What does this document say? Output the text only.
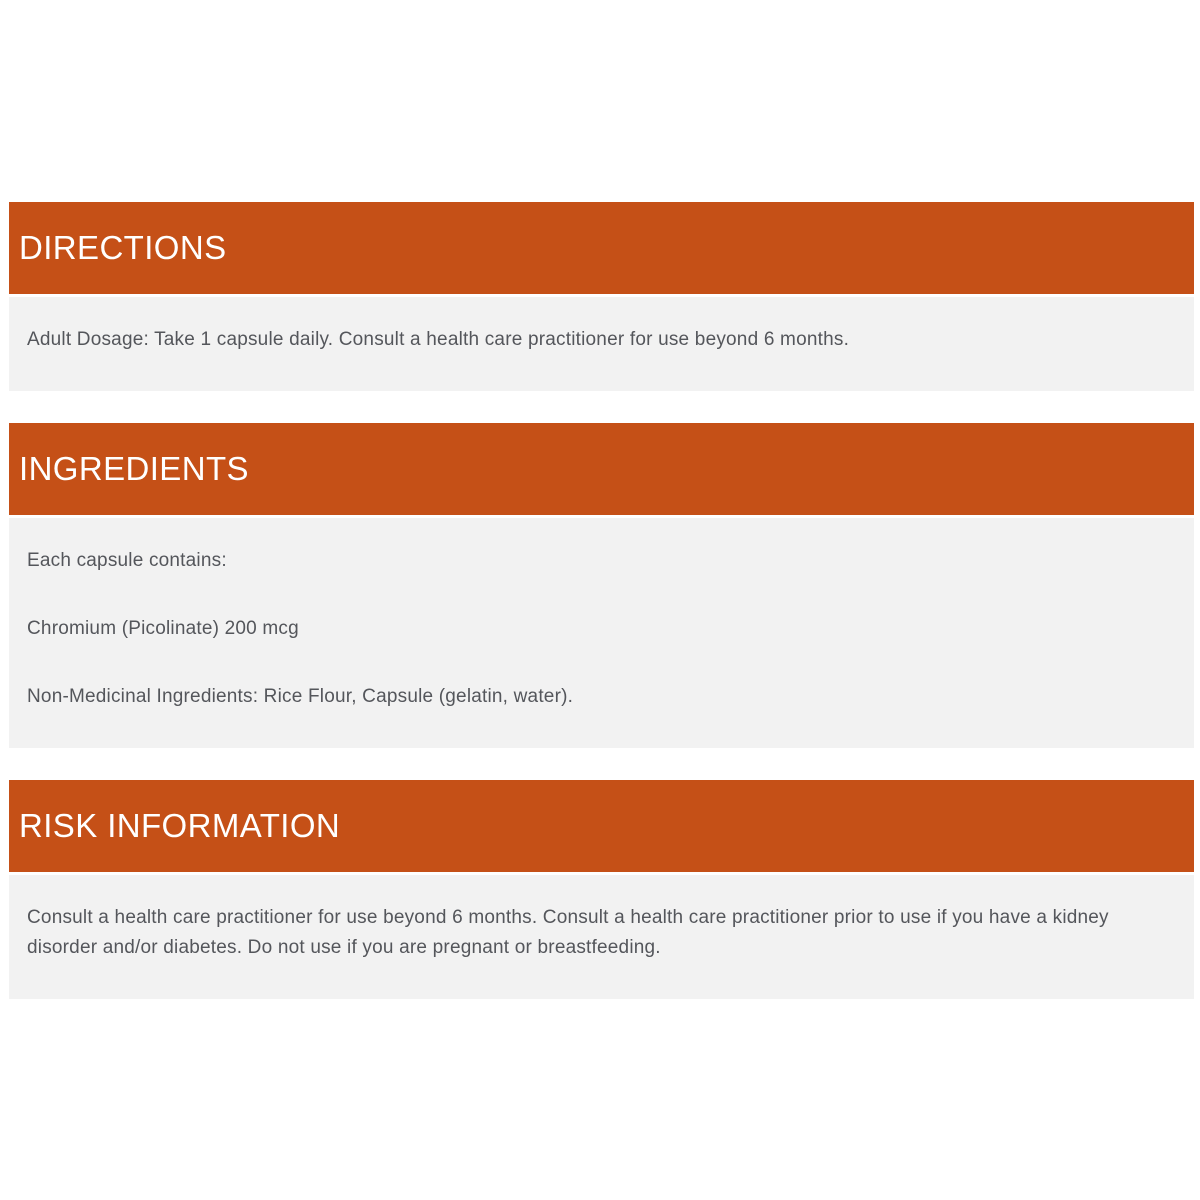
DIRECTIONS

Adult Dosage: Take 1 capsule daily. Consult a health care practitioner for use beyond 6 months.

INGREDIENTS

Each capsule contains:

Chromium (Picolinate) 200 mcg

Non-Medicinal Ingredients: Rice Flour, Capsule (gelatin, water).

RISK INFORMATION

Consult a health care practitioner for use beyond 6 months. Consult a health care practitioner prior to use if you have a kidney disorder and/or diabetes. Do not use if you are pregnant or breastfeeding.
